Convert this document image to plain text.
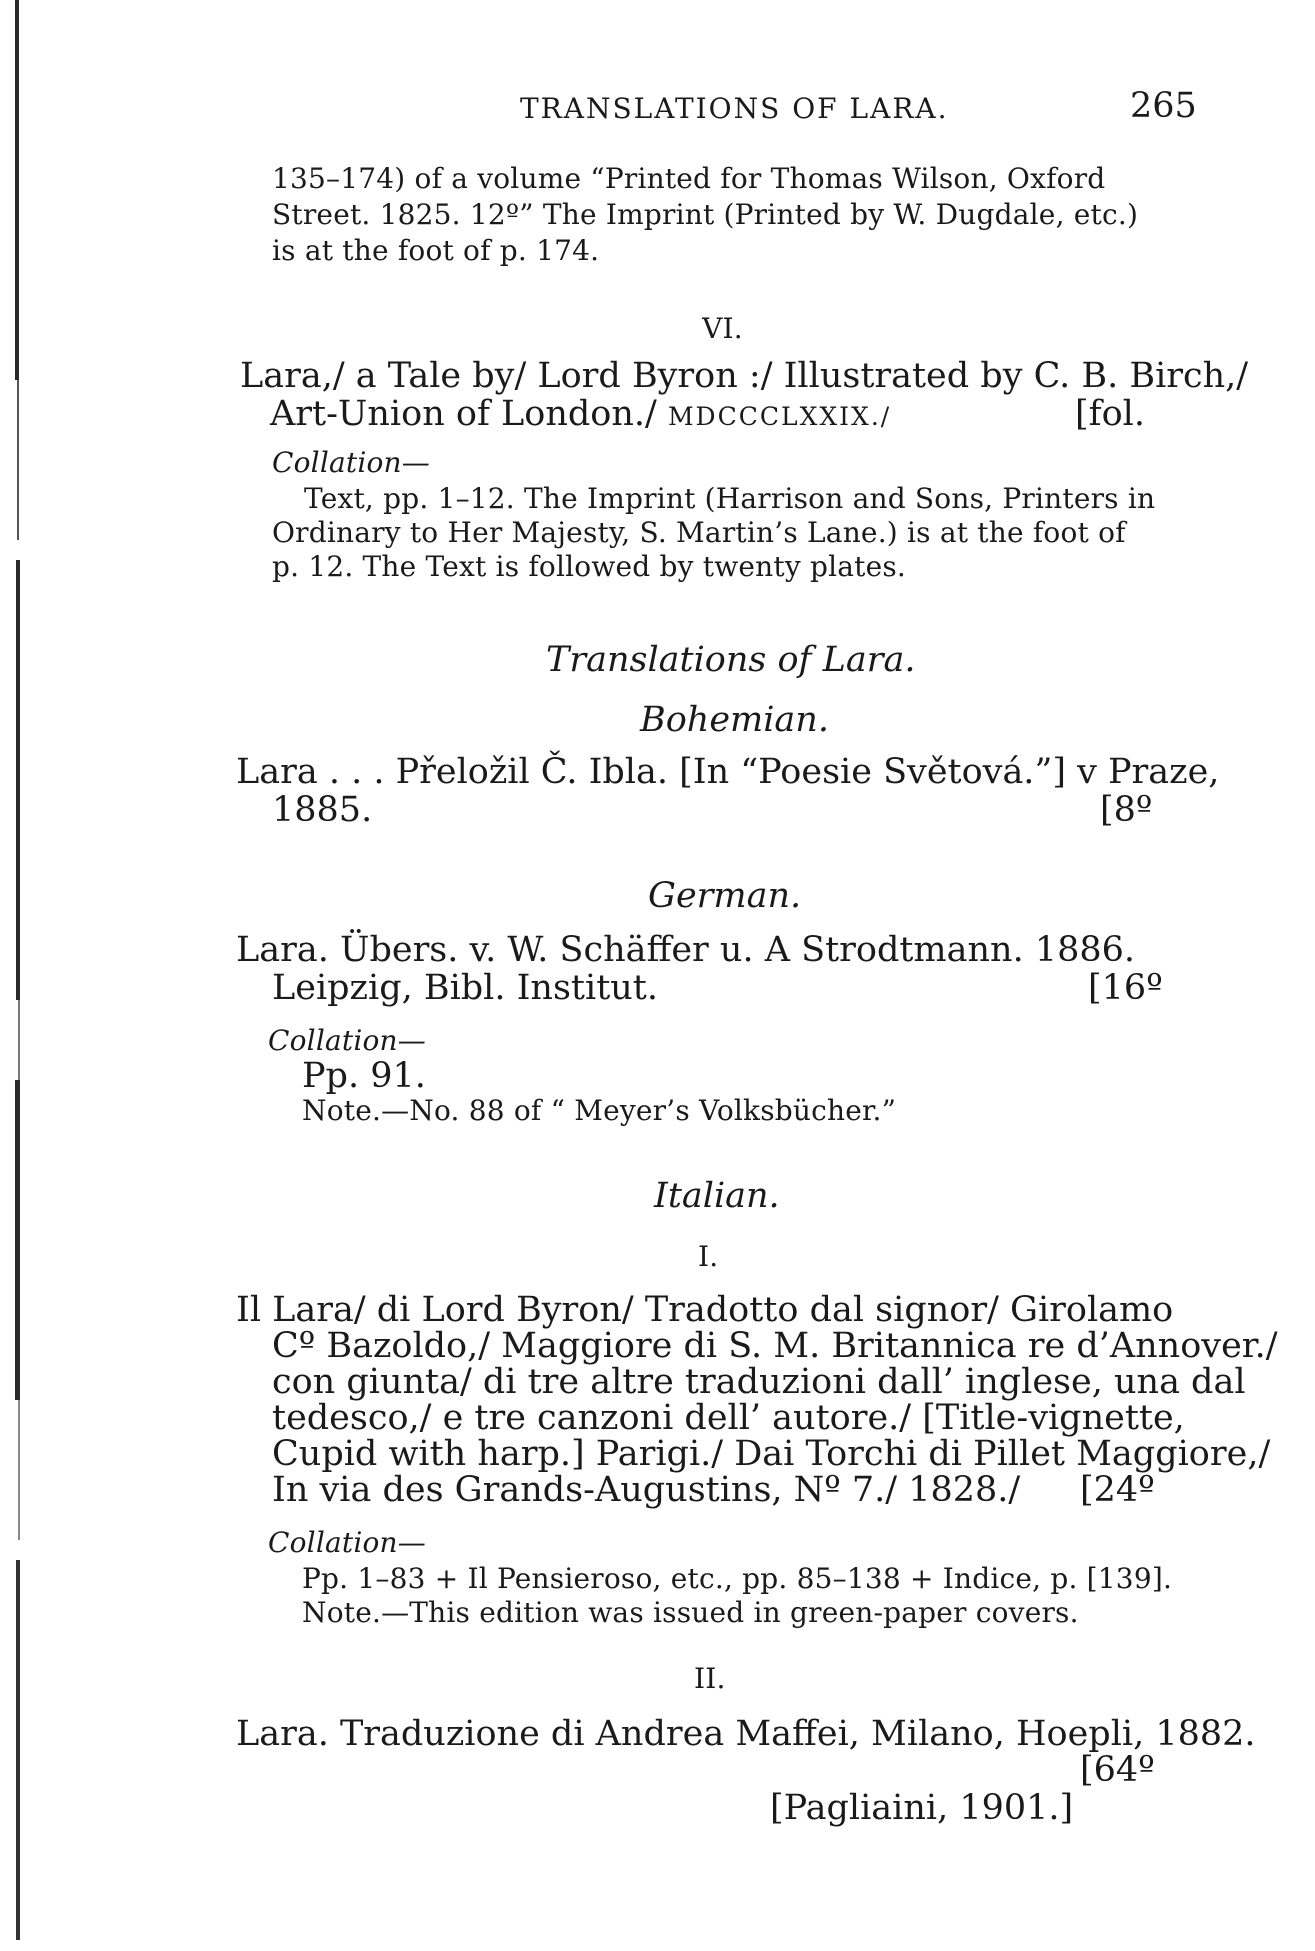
TRANSLATIONS OF LARA.	265

135–174) of a volume “Printed for Thomas Wilson, Oxford

Street. 1825. 12º” The Imprint (Printed by W. Dugdale, etc.)

is at the foot of p. 174.

VI.

Lara,/ a Tale by/ Lord Byron :/ Illustrated by C. B. Birch,/

Art-Union of London./ MDCCCLXXIX./	[fol.

Collation—

Text, pp. 1–12. The Imprint (Harrison and Sons, Printers in

Ordinary to Her Majesty, S. Martin’s Lane.) is at the foot of

p. 12. The Text is followed by twenty plates.

Translations of Lara.

Bohemian.

Lara . . . Přeložil Č. Ibla. [In “Poesie Světová.”] v Praze,

1885.	[8º

German.

Lara. Übers. v. W. Schäffer u. A Strodtmann. 1886.

Leipzig, Bibl. Institut.	[16º

Collation—

Pp. 91.

Note.—No. 88 of “ Meyer’s Volksbücher.”

Italian.

I.

Il Lara/ di Lord Byron/ Tradotto dal signor/ Girolamo

Cº Bazoldo,/ Maggiore di S. M. Britannica re d’Annover./

con giunta/ di tre altre traduzioni dall’ inglese, una dal

tedesco,/ e tre canzoni dell’ autore./ [Title-vignette,

Cupid with harp.] Parigi./ Dai Torchi di Pillet Maggiore,/

In via des Grands-Augustins, Nº 7./ 1828./ [24º

Collation—

Pp. 1–83 + Il Pensieroso, etc., pp. 85–138 + Indice, p. [139].

Note.—This edition was issued in green-paper covers.

II.

Lara. Traduzione di Andrea Maffei, Milano, Hoepli, 1882.

[64º

[Pagliaini, 1901.]
